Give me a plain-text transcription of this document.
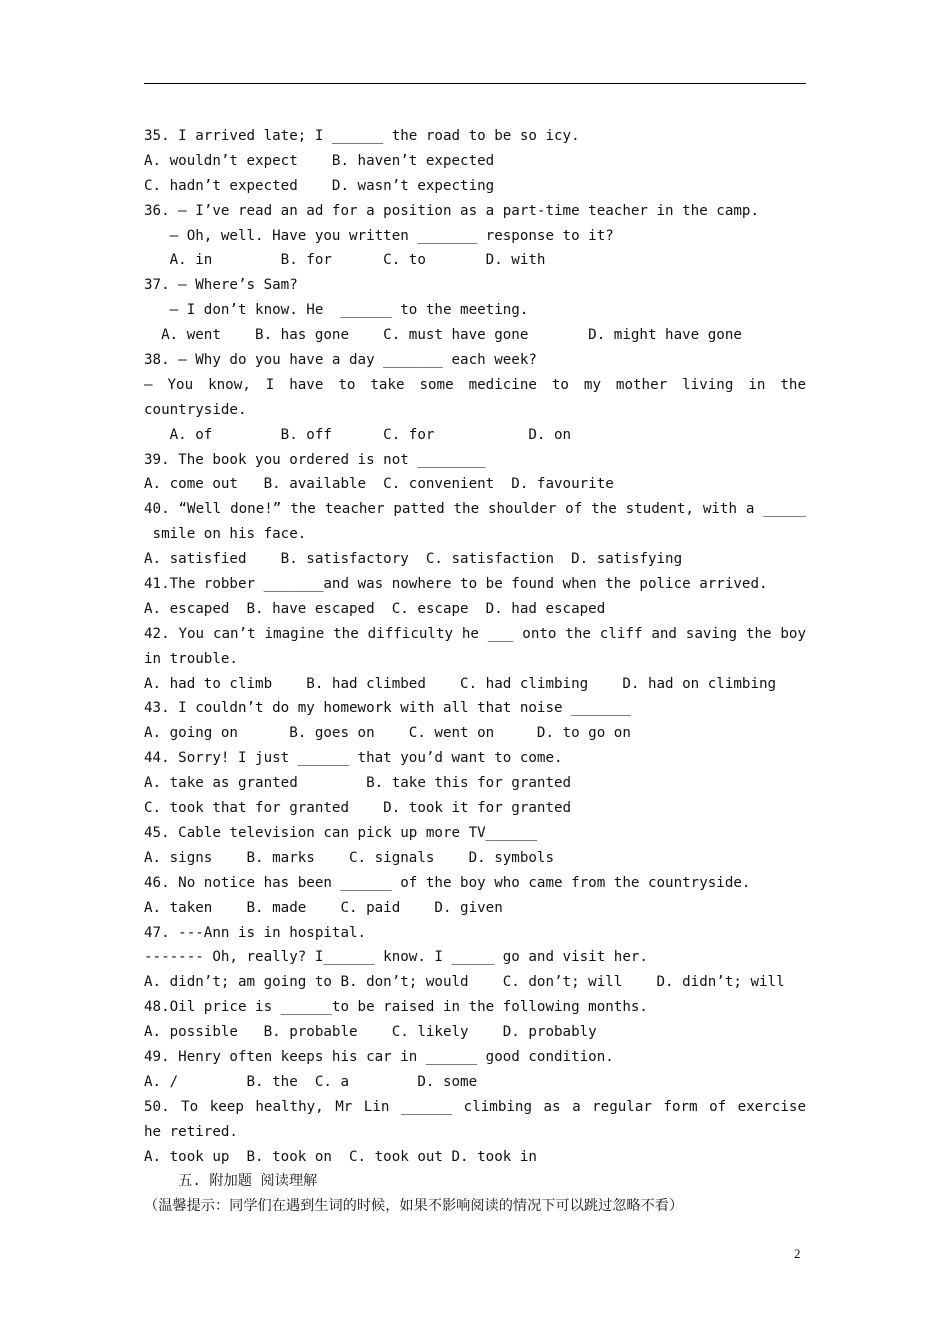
35. I arrived late; I ______ the road to be so icy.
A. wouldn’t expect    B. haven’t expected
C. hadn’t expected    D. wasn’t expecting
36. — I’ve read an ad for a position as a part-time teacher in the camp.
— Oh, well. Have you written _______ response to it?
A. in        B. for      C. to       D. with
37. — Where’s Sam?
— I don’t know. He  ______ to the meeting.
A. went    B. has gone    C. must have gone       D. might have gone
38. — Why do you have a day _______ each week?
— You know, I have to take some medicine to my mother living in the
countryside.
A. of        B. off      C. for           D. on
39. The book you ordered is not ________
A. come out   B. available  C. convenient  D. favourite
40. “Well done!” the teacher patted the shoulder of the student, with a _____
smile on his face.
A. satisfied    B. satisfactory  C. satisfaction  D. satisfying
41.The robber _______and was nowhere to be found when the police arrived.
A. escaped  B. have escaped  C. escape  D. had escaped
42. You can’t imagine the difficulty he ___ onto the cliff and saving the boy
in trouble.
A. had to climb    B. had climbed    C. had climbing    D. had on climbing
43. I couldn’t do my homework with all that noise _______
A. going on      B. goes on    C. went on     D. to go on
44. Sorry! I just ______ that you’d want to come.
A. take as granted        B. take this for granted
C. took that for granted    D. took it for granted
45. Cable television can pick up more TV______
A. signs    B. marks    C. signals    D. symbols
46. No notice has been ______ of the boy who came from the countryside.
A. taken    B. made    C. paid    D. given
47. ---Ann is in hospital.
------- Oh, really? I______ know. I _____ go and visit her.
A. didn’t; am going to B. don’t; would    C. don’t; will    D. didn’t; will
48.Oil price is ______to be raised in the following months.
A. possible   B. probable    C. likely    D. probably
49. Henry often keeps his car in ______ good condition.
A. /        B. the  C. a        D. some
50. To keep healthy, Mr Lin ______ climbing as a regular form of exercise
he retired.
A. took up  B. took on  C. took out D. took in
五. 附加题 阅读理解
（温馨提示：同学们在遇到生词的时候，如果不影响阅读的情况下可以跳过忽略不看）
2
